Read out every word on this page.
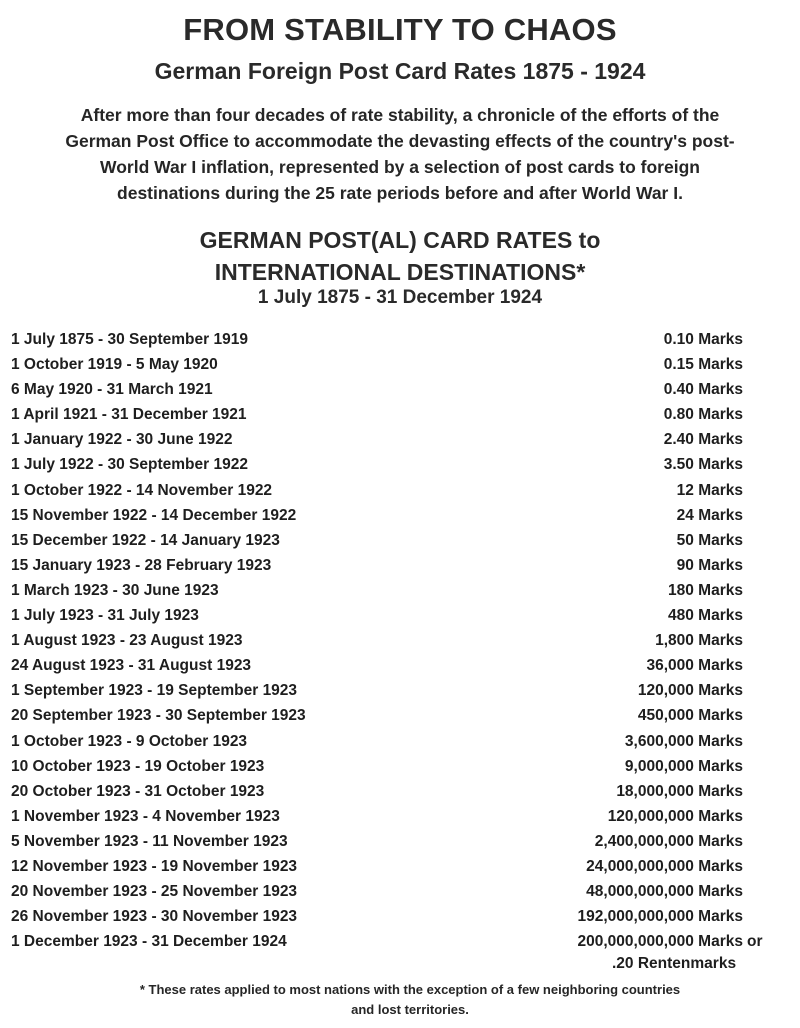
FROM STABILITY TO CHAOS
German Foreign Post Card Rates 1875 - 1924
After more than four decades of rate stability, a chronicle of the efforts of the German Post Office to accommodate the devasting effects of the country's post-World War I inflation, represented by a selection of post cards to foreign destinations during the 25 rate periods before and after World War I.
GERMAN POST(AL) CARD RATES to
INTERNATIONAL DESTINATIONS*
1 July 1875 - 31 December 1924
1 July 1875 - 30 September 1919	0.10 Marks
1 October 1919 - 5 May 1920	0.15 Marks
6 May 1920 - 31 March 1921	0.40 Marks
1 April 1921 - 31 December 1921	0.80 Marks
1 January 1922 - 30 June 1922	2.40 Marks
1 July 1922 - 30 September 1922	3.50 Marks
1 October 1922 - 14 November 1922	12 Marks
15 November 1922 - 14 December 1922	24 Marks
15 December 1922 - 14 January 1923	50 Marks
15 January 1923 - 28 February 1923	90 Marks
1 March 1923 - 30 June 1923	180 Marks
1 July 1923 - 31 July 1923	480 Marks
1 August 1923 - 23 August 1923	1,800 Marks
24 August 1923 - 31 August 1923	36,000 Marks
1 September 1923 - 19 September 1923	120,000 Marks
20 September 1923 - 30 September 1923	450,000 Marks
1 October 1923 - 9 October 1923	3,600,000 Marks
10 October 1923 - 19 October 1923	9,000,000 Marks
20 October 1923 - 31 October 1923	18,000,000 Marks
1 November 1923 - 4 November 1923	120,000,000 Marks
5 November 1923 - 11 November 1923	2,400,000,000 Marks
12 November 1923 - 19 November 1923	24,000,000,000 Marks
20 November 1923 - 25 November 1923	48,000,000,000 Marks
26 November 1923 - 30 November 1923	192,000,000,000 Marks
1 December 1923 - 31 December 1924	200,000,000,000 Marks or
.20 Rentenmarks
* These rates applied to most nations with the exception of a few neighboring countries
and lost territories.
